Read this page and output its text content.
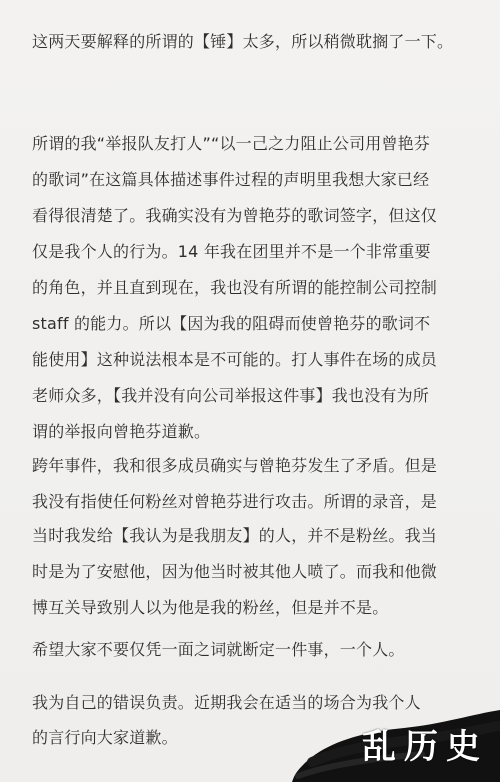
这两天要解释的所谓的【锤】太多，所以稍微耽搁了一下。
所谓的我“举报队友打人”“以一己之力阻止公司用曾艳芬
的歌词”在这篇具体描述事件过程的声明里我想大家已经
看得很清楚了。我确实没有为曾艳芬的歌词签字，但这仅
仅是我个人的行为。14 年我在团里并不是一个非常重要
的角色，并且直到现在，我也没有所谓的能控制公司控制
staff 的能力。所以【因为我的阻碍而使曾艳芬的歌词不
能使用】这种说法根本是不可能的。打人事件在场的成员
老师众多，【我并没有向公司举报这件事】我也没有为所
谓的举报向曾艳芬道歉。
跨年事件，我和很多成员确实与曾艳芬发生了矛盾。但是
我没有指使任何粉丝对曾艳芬进行攻击。所谓的录音，是
当时我发给【我认为是我朋友】的人，并不是粉丝。我当
时是为了安慰他，因为他当时被其他人喷了。而我和他微
博互关导致别人以为他是我的粉丝，但是并不是。
希望大家不要仅凭一面之词就断定一件事，一个人。
我为自己的错误负责。近期我会在适当的场合为我个人
的言行向大家道歉。	乱历史
